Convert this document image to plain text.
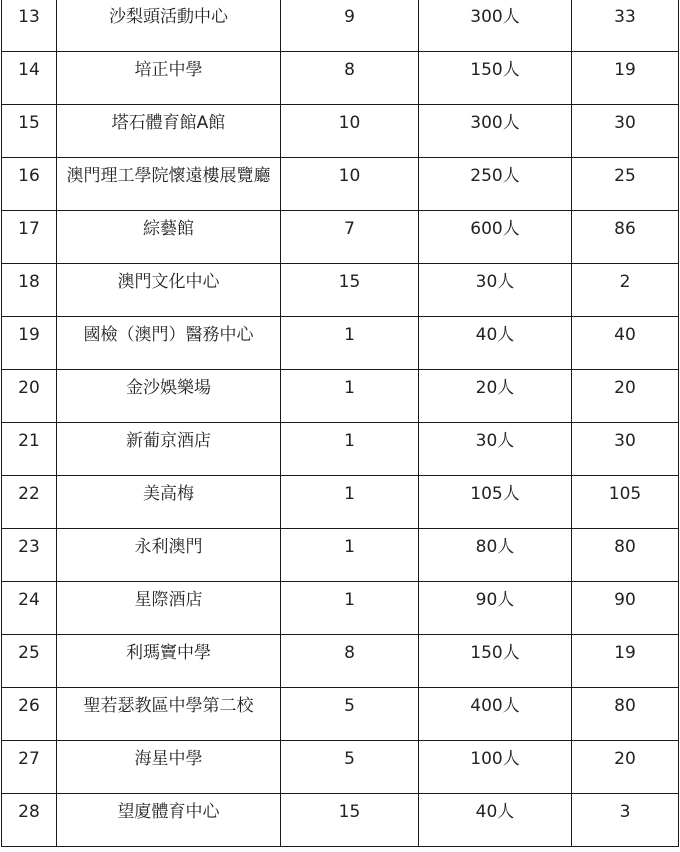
13	沙梨頭活動中心	9	300人	33

14	培正中學	8	150人	19

15	塔石體育館A館	10	300人	30

16	澳門理工學院懷遠樓展覽廳	10	250人	25

17	綜藝館	7	600人	86

18	澳門文化中心	15	30人	2

19	國檢（澳門）醫務中心	1	40人	40

20	金沙娛樂場	1	20人	20

21	新葡京酒店	1	30人	30

22	美高梅	1	105人	105

23	永利澳門	1	80人	80

24	星際酒店	1	90人	90

25	利瑪竇中學	8	150人	19

26	聖若瑟教區中學第二校	5	400人	80

27	海星中學	5	100人	20

28	望廈體育中心	15	40人	3
